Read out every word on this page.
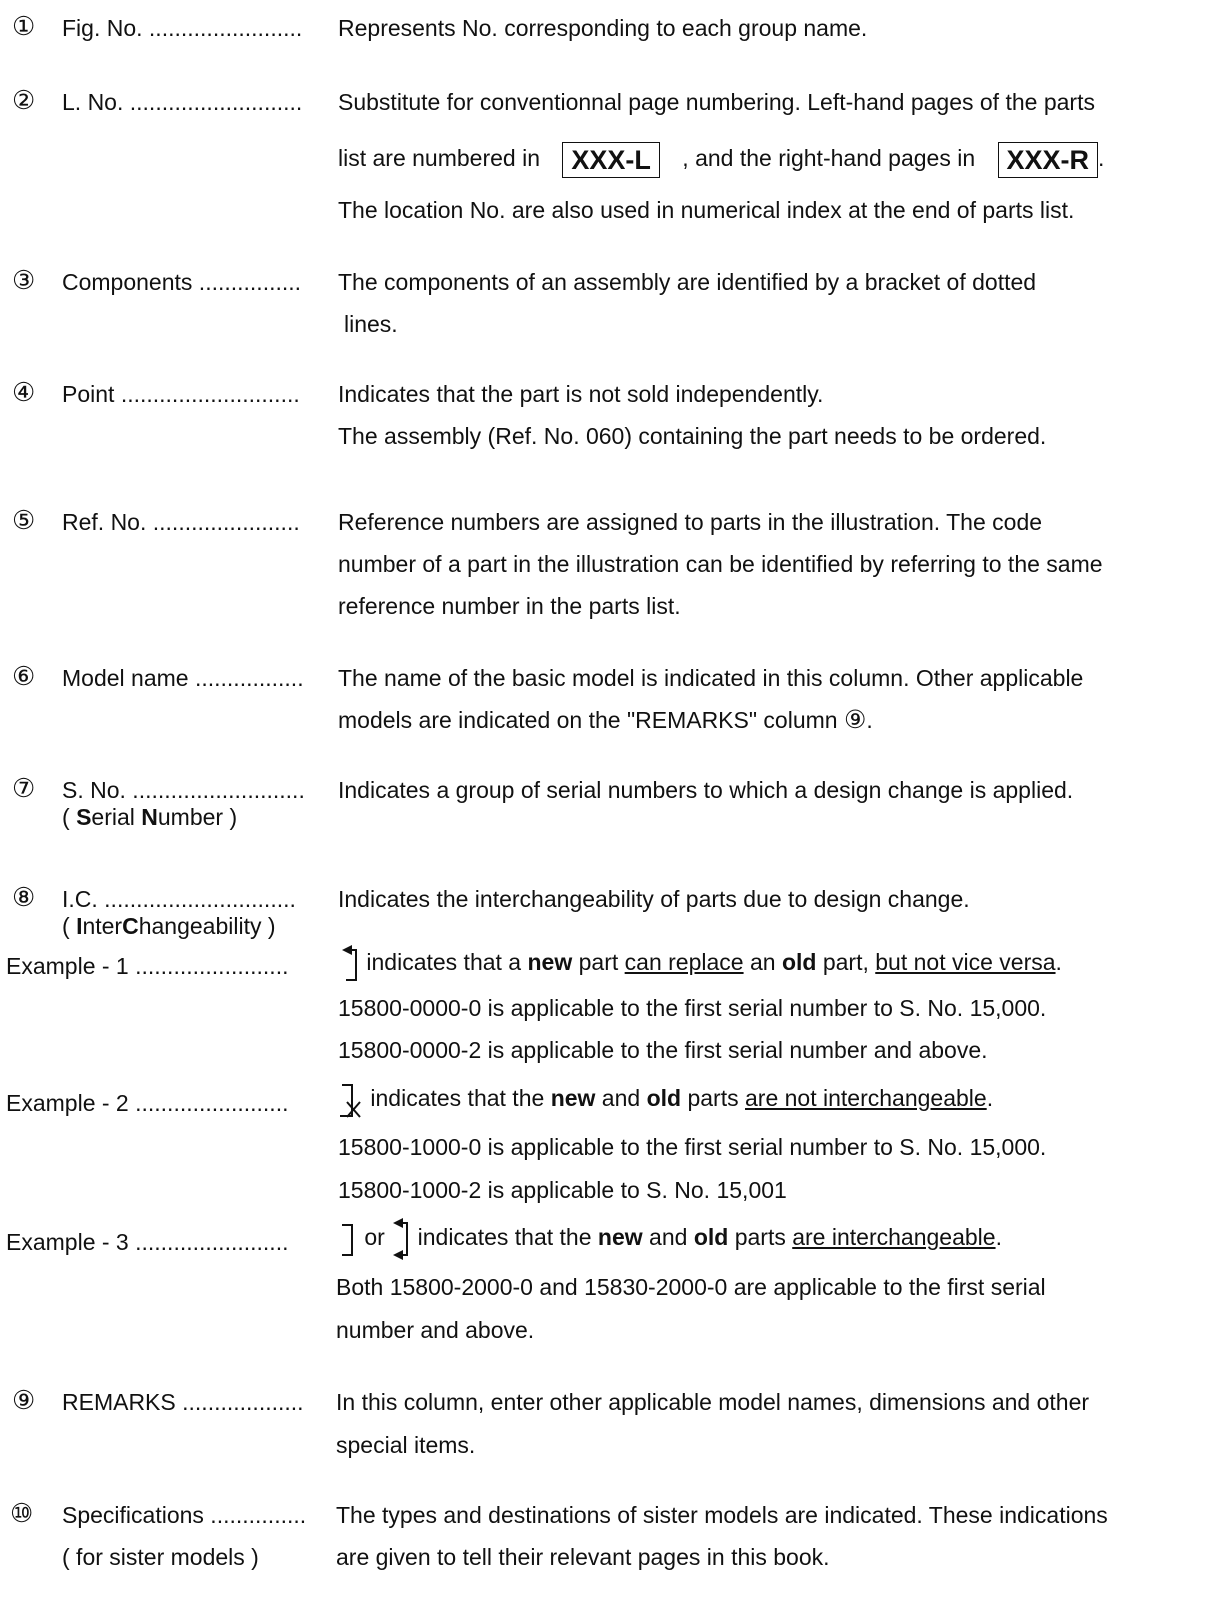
① Fig. No. ........................ Represents No. corresponding to each group name.
② L. No. ........................... Substitute for conventionnal page numbering. Left-hand pages of the parts
list are numbered in XXX-L , and the right-hand pages in XXX-R .
The location No. are also used in numerical index at the end of parts list.
③ Components ................ The components of an assembly are identified by a bracket of dotted
lines.
④ Point ............................ Indicates that the part is not sold independently.
The assembly (Ref. No. 060) containing the part needs to be ordered.
⑤ Ref. No. ....................... Reference numbers are assigned to parts in the illustration. The code
number of a part in the illustration can be identified by referring to the same
reference number in the parts list.
⑥ Model name ................. The name of the basic model is indicated in this column. Other applicable
models are indicated on the "REMARKS" column ⑨.
⑦ S. No. ........................... Indicates a group of serial numbers to which a design change is applied.
( Serial Number )
⑧ I.C. .............................. Indicates the interchangeability of parts due to design change.
( InterChangeability )
Example - 1 ........................	indicates that a new part can replace an old part, but not vice versa.
15800-0000-0 is applicable to the first serial number to S. No. 15,000.
15800-0000-2 is applicable to the first serial number and above.
Example - 2 ........................	indicates that the new and old parts are not interchangeable.
15800-1000-0 is applicable to the first serial number to S. No. 15,000.
15800-1000-2 is applicable to S. No. 15,001
Example - 3 ........................	or indicates that the new and old parts are interchangeable.
Both 15800-2000-0 and 15830-2000-0 are applicable to the first serial
number and above.
⑨ REMARKS ................... In this column, enter other applicable model names, dimensions and other
special items.
⑩ Specifications ............... The types and destinations of sister models are indicated. These indications
( for sister models )	are given to tell their relevant pages in this book.
